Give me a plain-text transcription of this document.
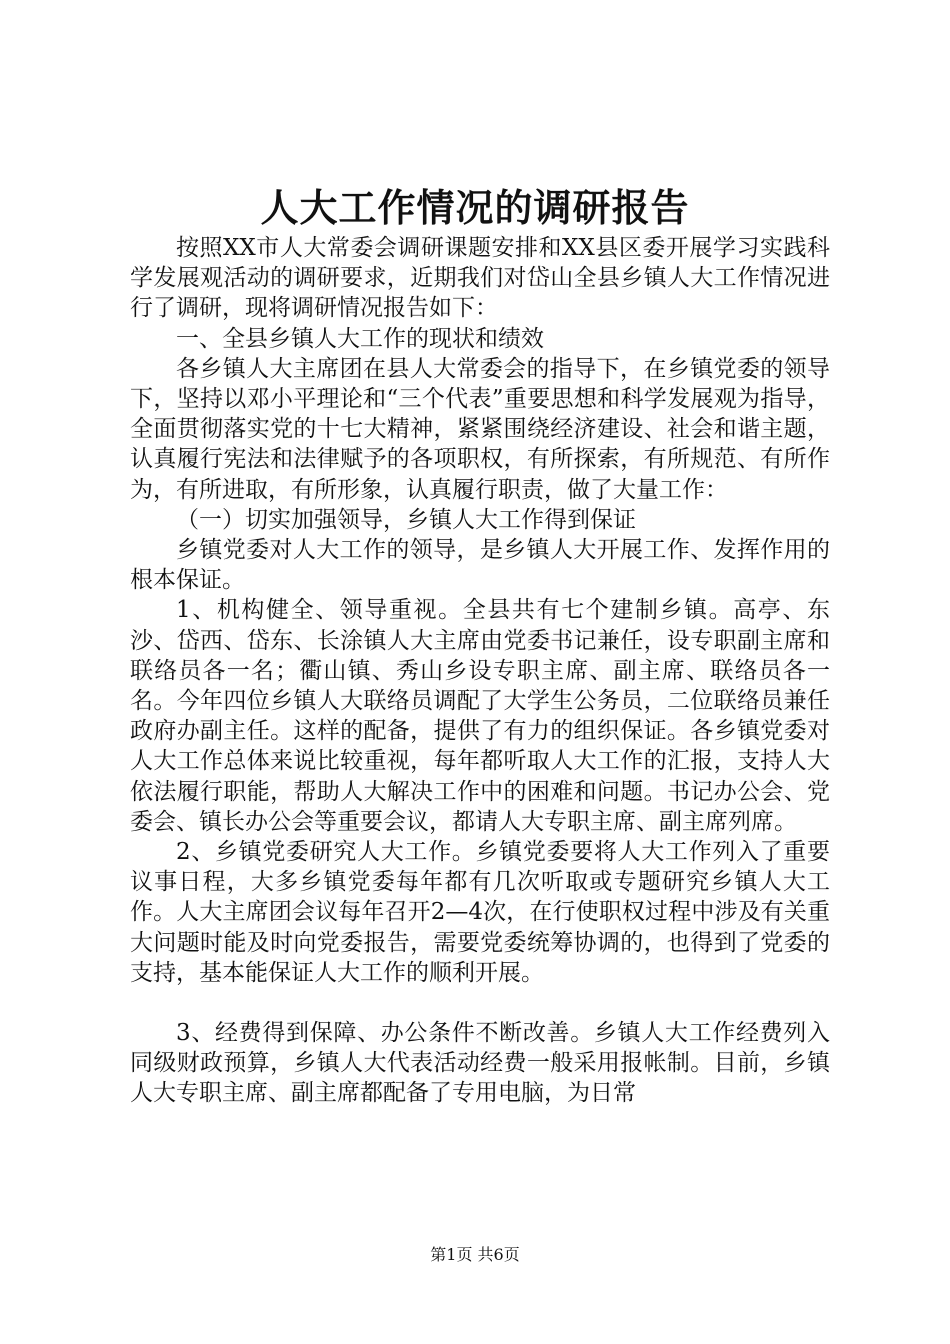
人大工作情况的调研报告

按照XX市人大常委会调研课题安排和XX县区委开展学习实践科学发展观活动的调研要求，近期我们对岱山全县乡镇人大工作情况进行了调研，现将调研情况报告如下：

一、全县乡镇人大工作的现状和绩效

各乡镇人大主席团在县人大常委会的指导下，在乡镇党委的领导下，坚持以邓小平理论和“三个代表”重要思想和科学发展观为指导，全面贯彻落实党的十七大精神，紧紧围绕经济建设、社会和谐主题，认真履行宪法和法律赋予的各项职权，有所探索，有所规范、有所作为，有所进取，有所形象，认真履行职责，做了大量工作：

（一）切实加强领导，乡镇人大工作得到保证

乡镇党委对人大工作的领导，是乡镇人大开展工作、发挥作用的根本保证。

1、机构健全、领导重视。全县共有七个建制乡镇。高亭、东沙、岱西、岱东、长涂镇人大主席由党委书记兼任，设专职副主席和联络员各一名；衢山镇、秀山乡设专职主席、副主席、联络员各一名。今年四位乡镇人大联络员调配了大学生公务员，二位联络员兼任政府办副主任。这样的配备，提供了有力的组织保证。各乡镇党委对人大工作总体来说比较重视，每年都听取人大工作的汇报，支持人大依法履行职能，帮助人大解决工作中的困难和问题。书记办公会、党委会、镇长办公会等重要会议，都请人大专职主席、副主席列席。

2、乡镇党委研究人大工作。乡镇党委要将人大工作列入了重要议事日程，大多乡镇党委每年都有几次听取或专题研究乡镇人大工作。人大主席团会议每年召开2—4次，在行使职权过程中涉及有关重大问题时能及时向党委报告，需要党委统筹协调的，也得到了党委的支持，基本能保证人大工作的顺利开展。

3、经费得到保障、办公条件不断改善。乡镇人大工作经费列入同级财政预算，乡镇人大代表活动经费一般采用报帐制。目前，乡镇人大专职主席、副主席都配备了专用电脑，为日常

第1页 共6页
